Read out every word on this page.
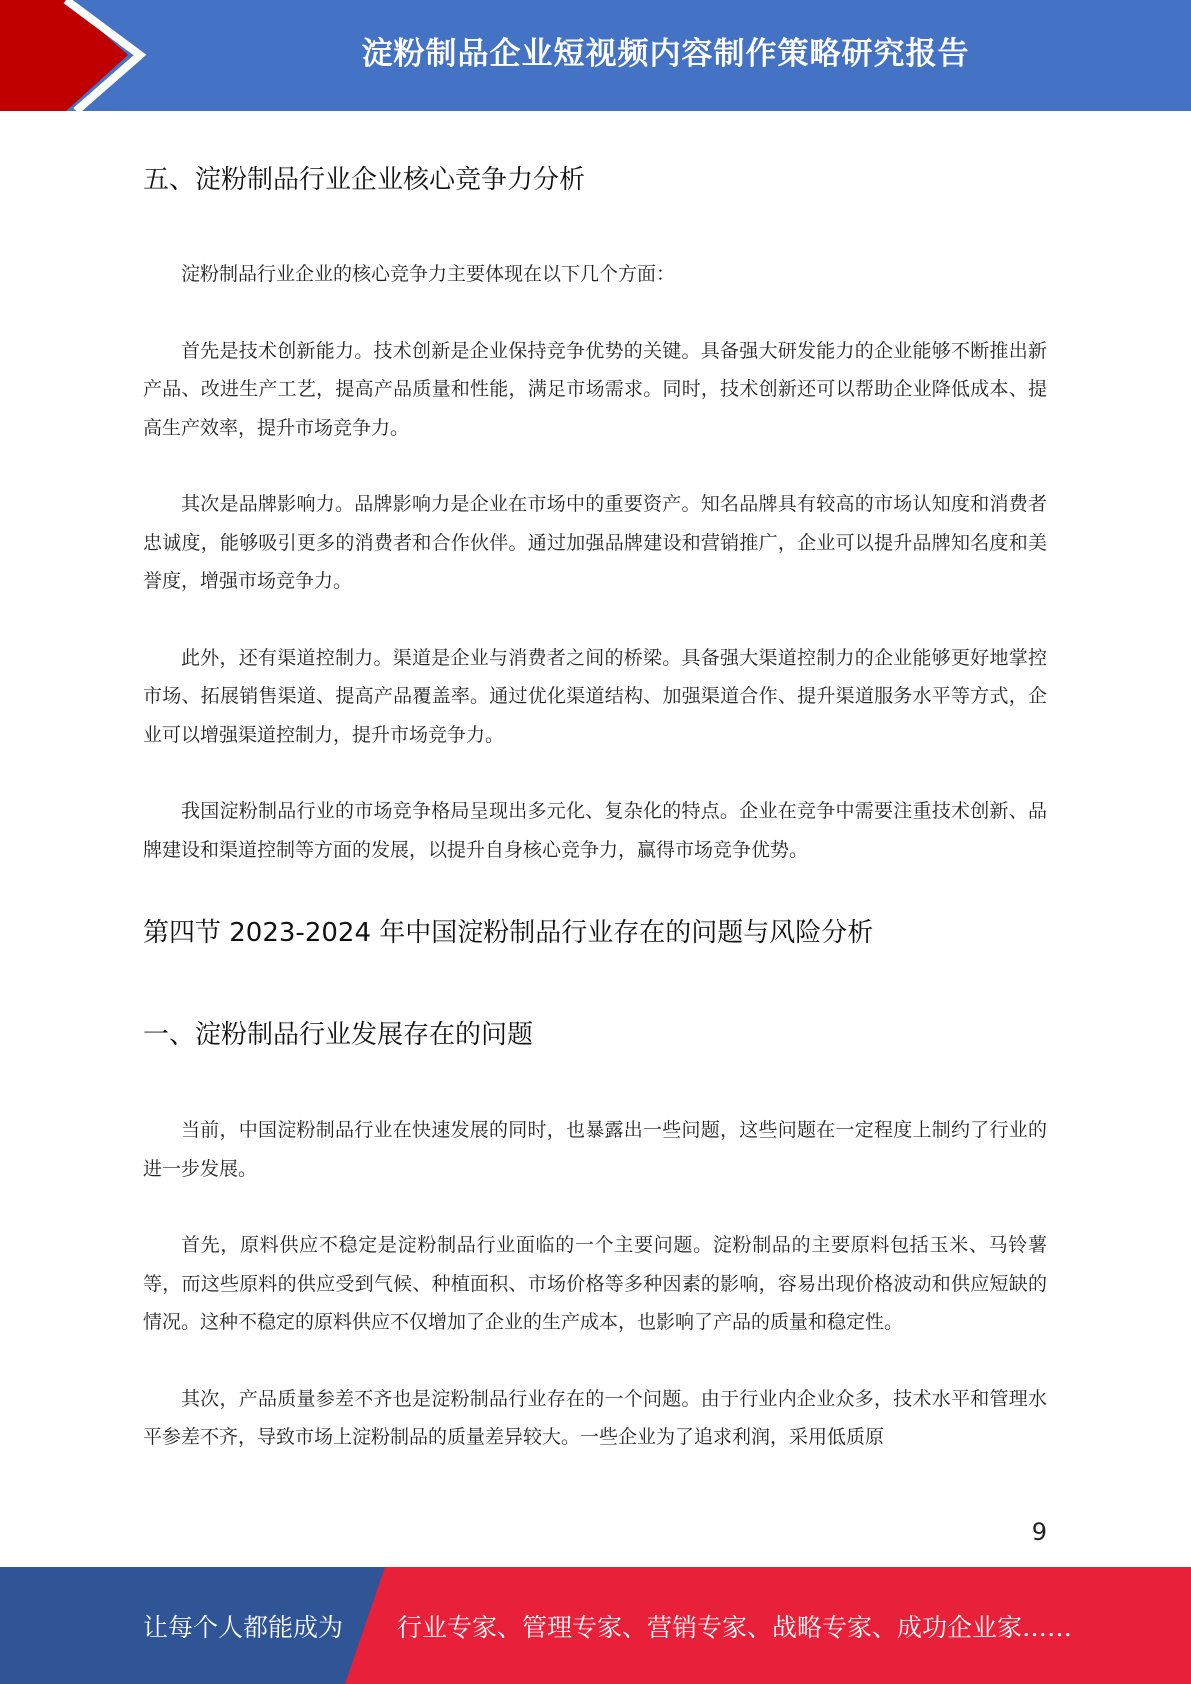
淀粉制品企业短视频内容制作策略研究报告
五、淀粉制品行业企业核心竞争力分析

淀粉制品行业企业的核心竞争力主要体现在以下几个方面：

首先是技术创新能力。技术创新是企业保持竞争优势的关键。具备强大研发能力的企业能够不断推出新产品、改进生产工艺，提高产品质量和性能，满足市场需求。同时，技术创新还可以帮助企业降低成本、提高生产效率，提升市场竞争力。

其次是品牌影响力。品牌影响力是企业在市场中的重要资产。知名品牌具有较高的市场认知度和消费者忠诚度，能够吸引更多的消费者和合作伙伴。通过加强品牌建设和营销推广，企业可以提升品牌知名度和美誉度，增强市场竞争力。

此外，还有渠道控制力。渠道是企业与消费者之间的桥梁。具备强大渠道控制力的企业能够更好地掌控市场、拓展销售渠道、提高产品覆盖率。通过优化渠道结构、加强渠道合作、提升渠道服务水平等方式，企业可以增强渠道控制力，提升市场竞争力。

我国淀粉制品行业的市场竞争格局呈现出多元化、复杂化的特点。企业在竞争中需要注重技术创新、品牌建设和渠道控制等方面的发展，以提升自身核心竞争力，赢得市场竞争优势。

第四节 2023-2024 年中国淀粉制品行业存在的问题与风险分析
一、淀粉制品行业发展存在的问题

当前，中国淀粉制品行业在快速发展的同时，也暴露出一些问题，这些问题在一定程度上制约了行业的进一步发展。

首先，原料供应不稳定是淀粉制品行业面临的一个主要问题。淀粉制品的主要原料包括玉米、马铃薯等，而这些原料的供应受到气候、种植面积、市场价格等多种因素的影响，容易出现价格波动和供应短缺的情况。这种不稳定的原料供应不仅增加了企业的生产成本，也影响了产品的质量和稳定性。

其次，产品质量参差不齐也是淀粉制品行业存在的一个问题。由于行业内企业众多，技术水平和管理水平参差不齐，导致市场上淀粉制品的质量差异较大。一些企业为了追求利润，采用低质原

9
让每个人都能成为 行业专家、管理专家、营销专家、战略专家、成功企业家……
